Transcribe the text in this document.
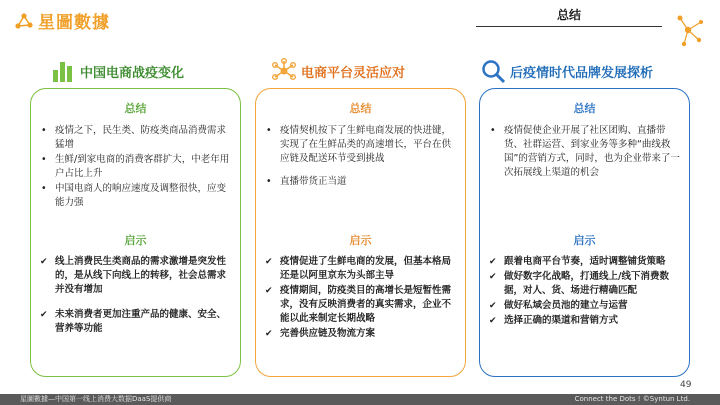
星圖數據	总结
中国电商战疫变化	电商平台灵活应对	后疫情时代品牌发展探析
总结
• 疫情之下，民生类、防疫类商品消费需求猛增
• 生鲜/到家电商的消费客群扩大，中老年用户占比上升
• 中国电商人的响应速度及调整很快，应变能力强
启示
✔ 线上消费民生类商品的需求激增是突发性的，是从线下向线上的转移，社会总需求并没有增加
✔ 未来消费者更加注重产品的健康、安全、营养等功能
总结
• 疫情契机按下了生鲜电商发展的快进键，实现了在生鲜品类的高速增长，平台在供应链及配送环节受到挑战
• 直播带货正当道
启示
✔ 疫情促进了生鲜电商的发展，但基本格局还是以阿里京东为头部主导
✔ 疫情期间，防疫类目的高增长是短暂性需求，没有反映消费者的真实需求，企业不能以此来制定长期战略
✔ 完善供应链及物流方案
总结
• 疫情促使企业开展了社区团购、直播带货、社群运营、到家业务等多种“曲线救国”的营销方式，同时，也为企业带来了一次拓展线上渠道的机会
启示
✔ 跟着电商平台节奏，适时调整铺货策略
✔ 做好数字化战略，打通线上/线下消费数据，对人、货、场进行精确匹配
✔ 做好私域会员池的建立与运营
✔ 选择正确的渠道和营销方式
49
星圖數據—中国第一线上消费大数据DaaS提供商	Connect the Dots ! ©Syntun Ltd.
